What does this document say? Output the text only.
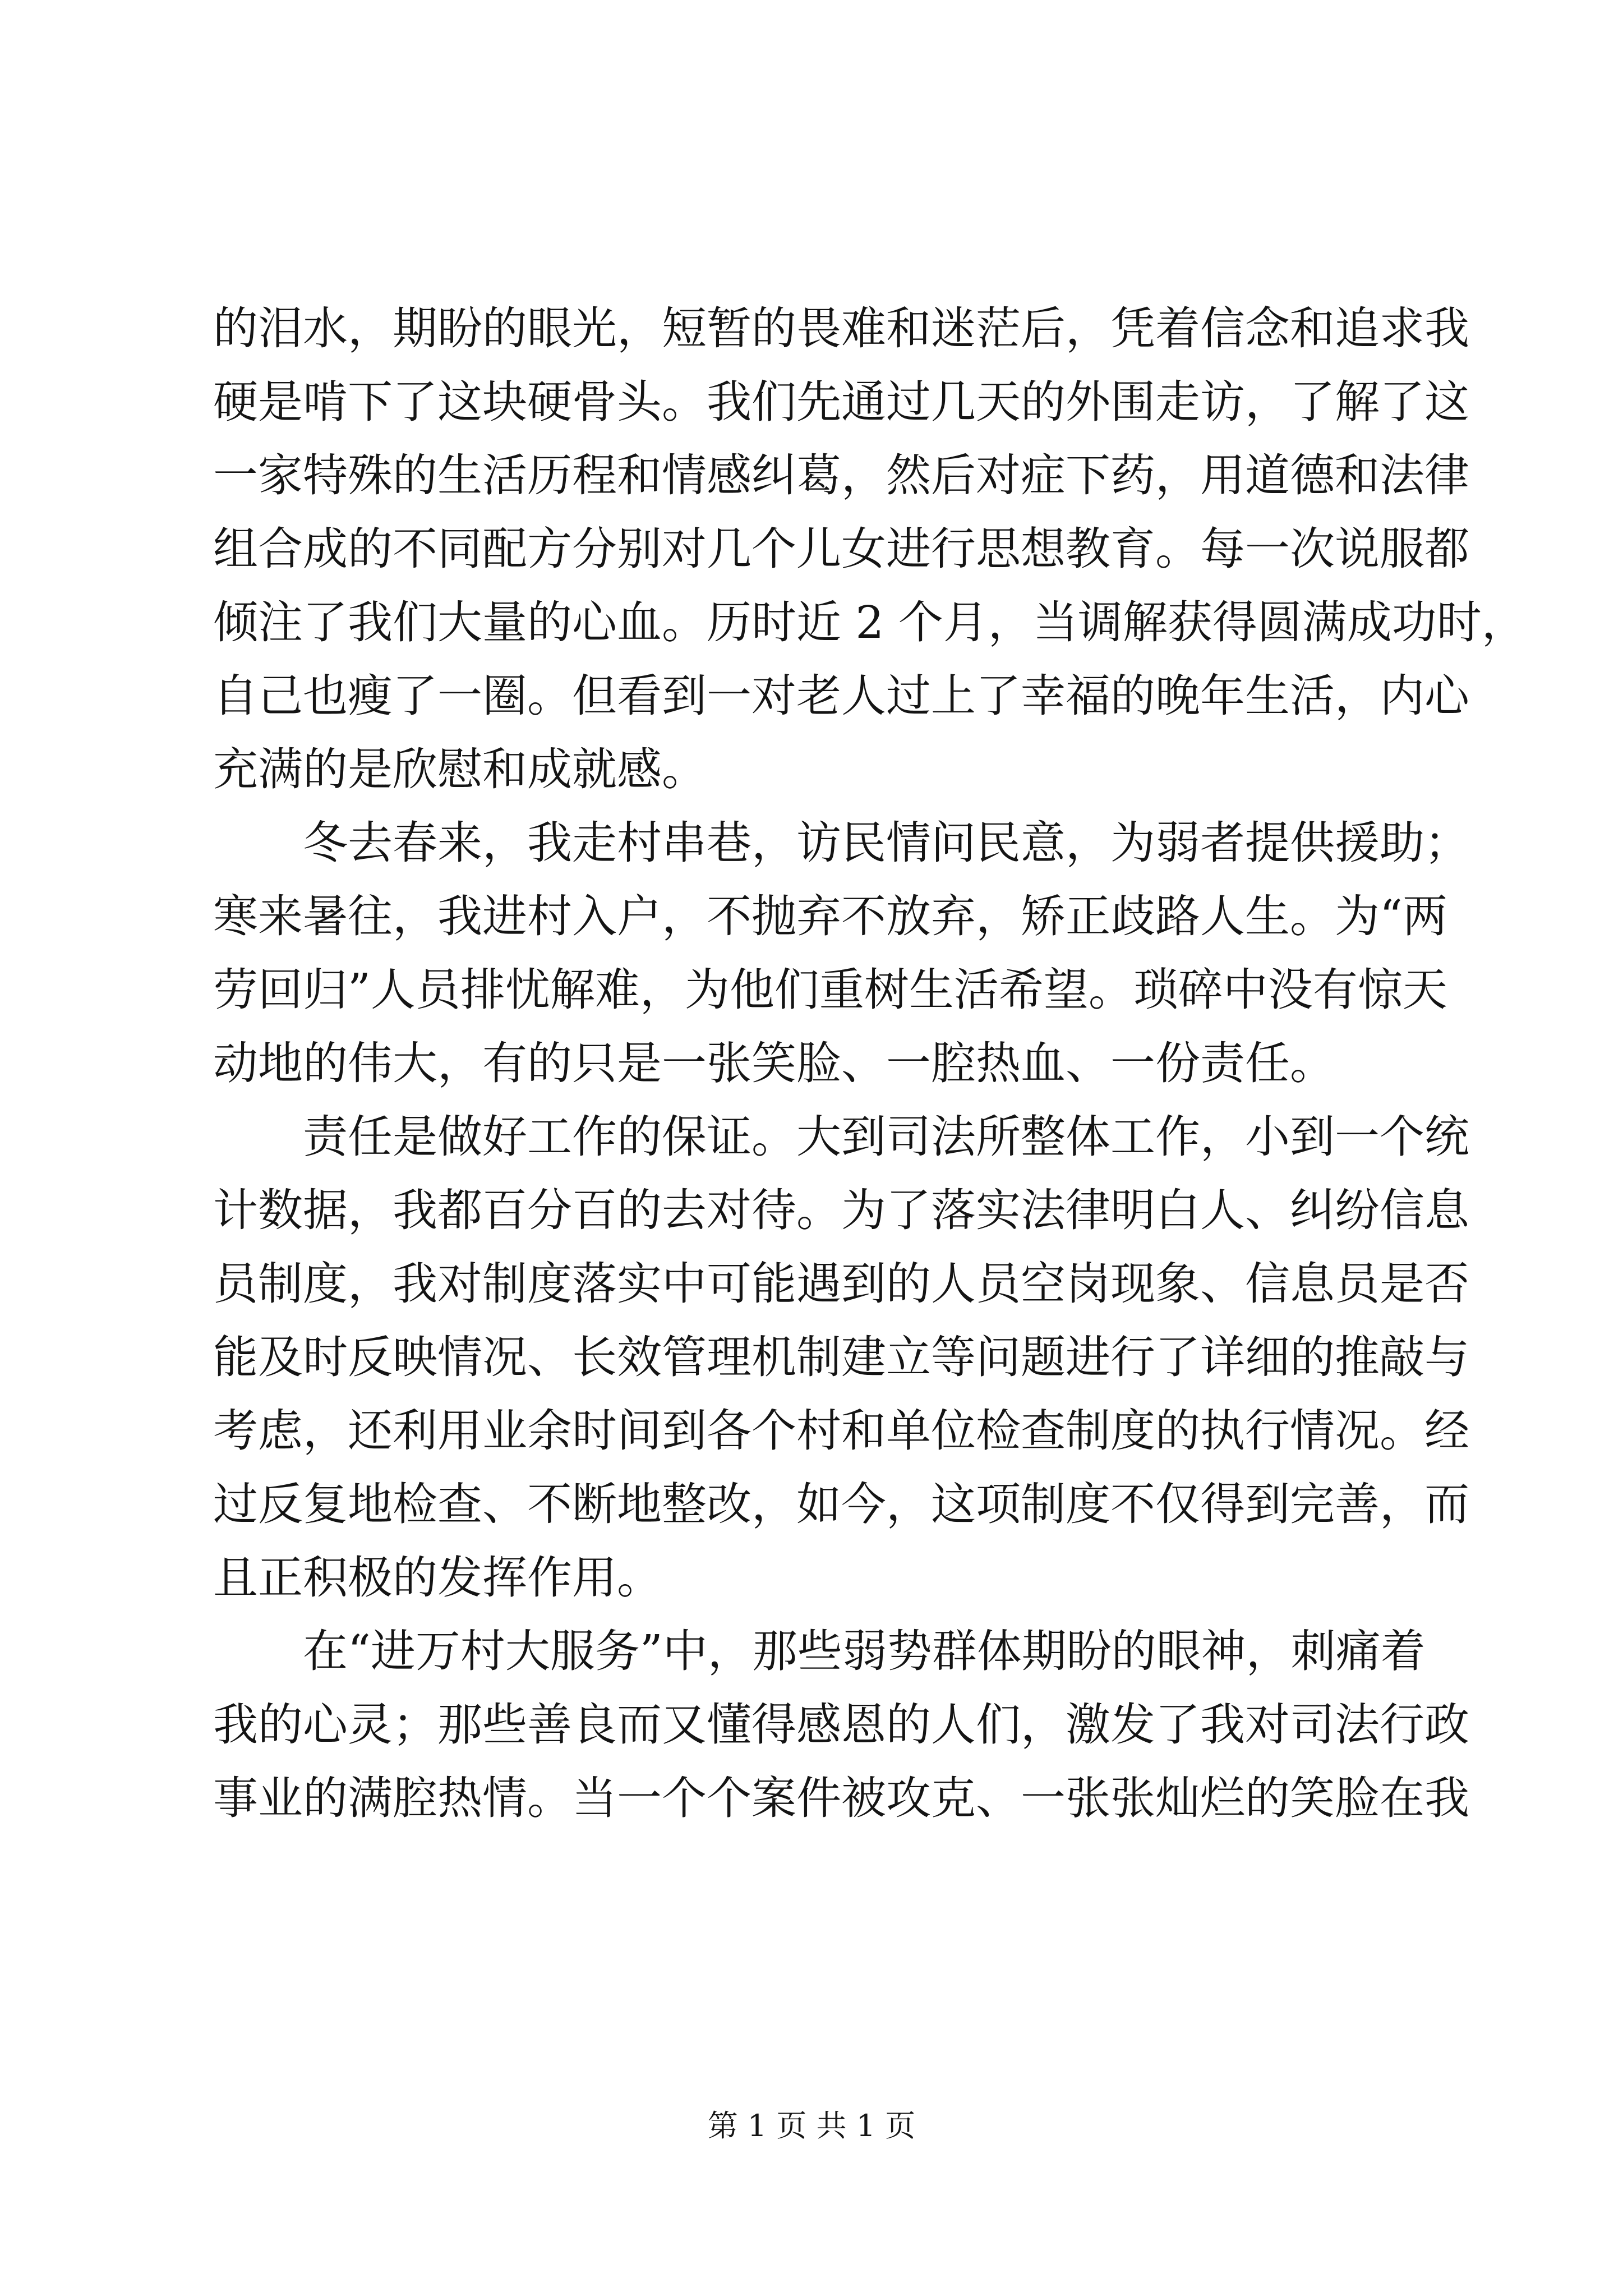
的泪水，期盼的眼光，短暂的畏难和迷茫后，凭着信念和追求我
硬是啃下了这块硬骨头。我们先通过几天的外围走访，了解了这
一家特殊的生活历程和情感纠葛，然后对症下药，用道德和法律
组合成的不同配方分别对几个儿女进行思想教育。每一次说服都
倾注了我们大量的心血。历时近 2 个月，当调解获得圆满成功时，
自己也瘦了一圈。但看到一对老人过上了幸福的晚年生活，内心
充满的是欣慰和成就感。
冬去春来，我走村串巷，访民情问民意，为弱者提供援助；
寒来暑往，我进村入户，不抛弃不放弃，矫正歧路人生。为“两
劳回归”人员排忧解难，为他们重树生活希望。琐碎中没有惊天
动地的伟大，有的只是一张笑脸、一腔热血、一份责任。
责任是做好工作的保证。大到司法所整体工作，小到一个统
计数据，我都百分百的去对待。为了落实法律明白人、纠纷信息
员制度，我对制度落实中可能遇到的人员空岗现象、信息员是否
能及时反映情况、长效管理机制建立等问题进行了详细的推敲与
考虑，还利用业余时间到各个村和单位检查制度的执行情况。经
过反复地检查、不断地整改，如今，这项制度不仅得到完善，而
且正积极的发挥作用。
在“进万村大服务”中，那些弱势群体期盼的眼神，刺痛着
我的心灵；那些善良而又懂得感恩的人们，激发了我对司法行政
事业的满腔热情。当一个个案件被攻克、一张张灿烂的笑脸在我
第 1 页 共 1 页
